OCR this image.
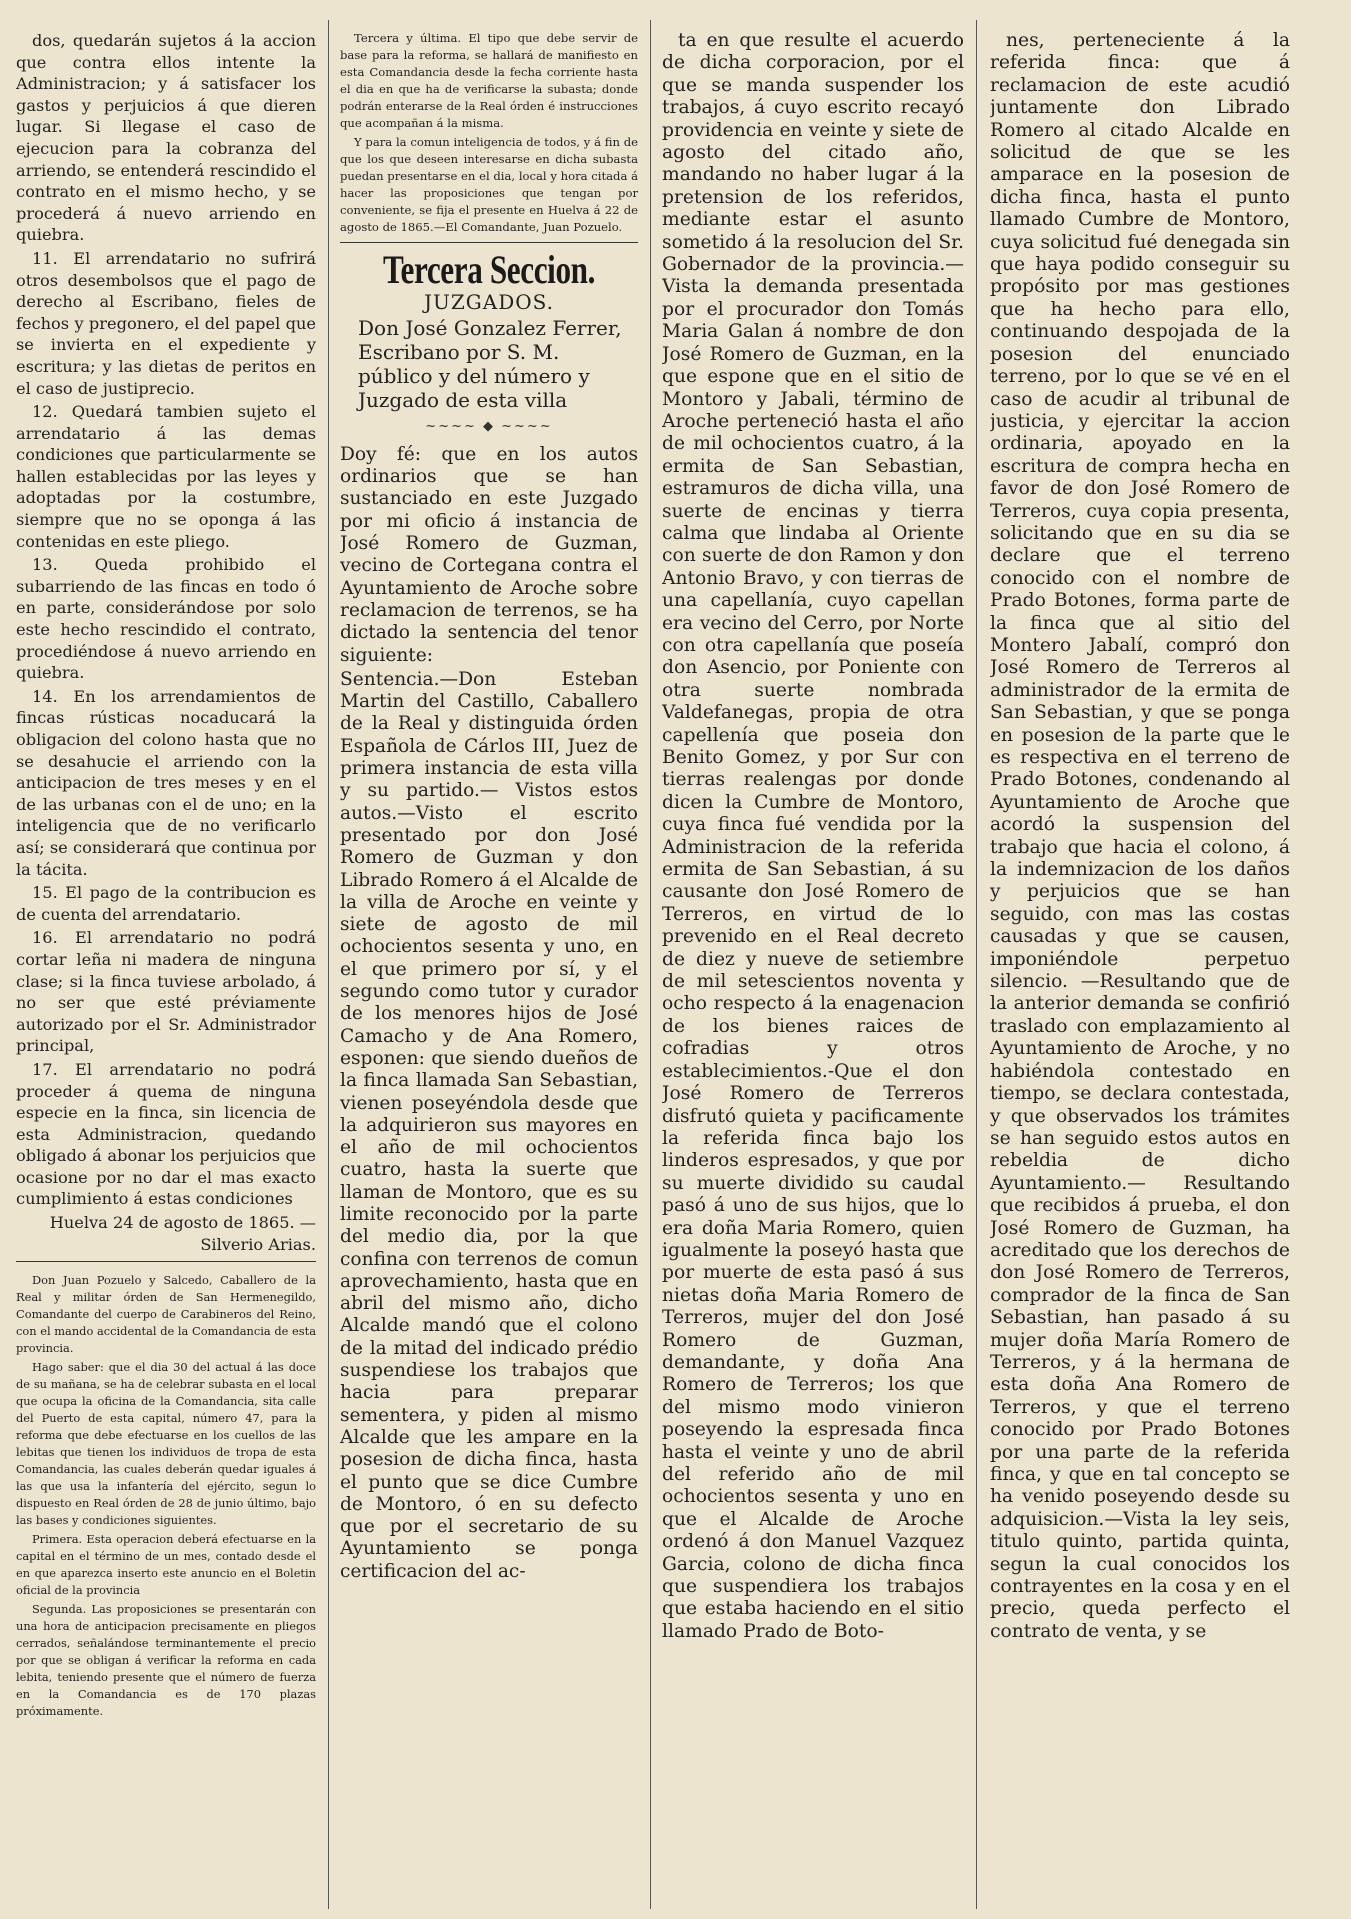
dos, quedarán sujetos á la accion que contra ellos intente la Administracion; y á satisfacer los gastos y perjuicios á que dieren lugar. Si llegase el caso de ejecucion para la cobranza del arriendo, se entenderá rescindido el contrato en el mismo hecho, y se procederá á nuevo arriendo en quiebra.

11. El arrendatario no sufrirá otros desembolsos que el pago de derecho al Escribano, fieles de fechos y pregonero, el del papel que se invierta en el expediente y escritura; y las dietas de peritos en el caso de justiprecio.

12. Quedará tambien sujeto el arrendatario á las demas condiciones que particularmente se hallen establecidas por las leyes y adoptadas por la costumbre, siempre que no se oponga á las contenidas en este pliego.

13. Queda prohibido el subarriendo de las fincas en todo ó en parte, considerándose por solo este hecho rescindido el contrato, procediéndose á nuevo arriendo en quiebra.

14. En los arrendamientos de fincas rústicas nocaducará la obligacion del colono hasta que no se desahucie el arriendo con la anticipacion de tres meses y en el de las urbanas con el de uno; en la inteligencia que de no verificarlo así; se considerará que continua por la tácita.

15. El pago de la contribucion es de cuenta del arrendatario.

16. El arrendatario no podrá cortar leña ni madera de ninguna clase; si la finca tuviese arbolado, á no ser que esté préviamente autorizado por el Sr. Administrador principal,

17. El arrendatario no podrá proceder á quema de ninguna especie en la finca, sin licencia de esta Administracion, quedando obligado á abonar los perjuicios que ocasione por no dar el mas exacto cumplimiento á estas condiciones

Huelva 24 de agosto de 1865. —Silverio Arias.

Don Juan Pozuelo y Salcedo, Caballero de la Real y militar órden de San Hermenegildo, Comandante del cuerpo de Carabineros del Reino, con el mando accidental de la Comandancia de esta provincia.

Hago saber: que el dia 30 del actual á las doce de su mañana, se ha de celebrar subasta en el local que ocupa la oficina de la Comandancia, sita calle del Puerto de esta capital, número 47, para la reforma que debe efectuarse en los cuellos de las lebitas que tienen los individuos de tropa de esta Comandancia, las cuales deberán quedar iguales á las que usa la infantería del ejército, segun lo dispuesto en Real órden de 28 de junio último, bajo las bases y condiciones siguientes.

Primera. Esta operacion deberá efectuarse en la capital en el término de un mes, contado desde el en que aparezca inserto este anuncio en el Boletin oficial de la provincia

Segunda. Las proposiciones se presentarán con una hora de anticipacion precisamente en pliegos cerrados, señalándose terminantemente el precio por que se obligan á verificar la reforma en cada lebita, teniendo presente que el número de fuerza en la Comandancia es de 170 plazas próximamente.

Tercera y última. El tipo que debe servir de base para la reforma, se hallará de manifiesto en esta Comandancia desde la fecha corriente hasta el dia en que ha de verificarse la subasta; donde podrán enterarse de la Real órden é instrucciones que acompañan á la misma.

Y para la comun inteligencia de todos, y á fin de que los que deseen interesarse en dicha subasta puedan presentarse en el dia, local y hora citada á hacer las proposiciones que tengan por conveniente, se fija el presente en Huelva á 22 de agosto de 1865.—El Comandante, Juan Pozuelo.

Tercera Seccion.
JUZGADOS.

Don José Gonzalez Ferrer, Escribano por S. M. público y del número y Juzgado de esta villa

~~~~ ◆ ~~~~

Doy fé: que en los autos ordinarios que se han sustanciado en este Juzgado por mi oficio á instancia de José Romero de Guzman, vecino de Cortegana contra el Ayuntamiento de Aroche sobre reclamacion de terrenos, se ha dictado la sentencia del tenor siguiente:

Sentencia.—Don Esteban Martin del Castillo, Caballero de la Real y distinguida órden Española de Cárlos III, Juez de primera instancia de esta villa y su partido.— Vistos estos autos.—Visto el escrito presentado por don José Romero de Guzman y don Librado Romero á el Alcalde de la villa de Aroche en veinte y siete de agosto de mil ochocientos sesenta y uno, en el que primero por sí, y el segundo como tutor y curador de los menores hijos de José Camacho y de Ana Romero, esponen: que siendo dueños de la finca llamada San Sebastian, vienen poseyéndola desde que la adquirieron sus mayores en el año de mil ochocientos cuatro, hasta la suerte que llaman de Montoro, que es su limite reconocido por la parte del medio dia, por la que confina con terrenos de comun aprovechamiento, hasta que en abril del mismo año, dicho Alcalde mandó que el colono de la mitad del indicado prédio suspendiese los trabajos que hacia para preparar sementera, y piden al mismo Alcalde que les ampare en la posesion de dicha finca, hasta el punto que se dice Cumbre de Montoro, ó en su defecto que por el secretario de su Ayuntamiento se ponga certificacion del ac-

ta en que resulte el acuerdo de dicha corporacion, por el que se manda suspender los trabajos, á cuyo escrito recayó providencia en veinte y siete de agosto del citado año, mandando no haber lugar á la pretension de los referidos, mediante estar el asunto sometido á la resolucion del Sr. Gobernador de la provincia.—Vista la demanda presentada por el procurador don Tomás Maria Galan á nombre de don José Romero de Guzman, en la que espone que en el sitio de Montoro y Jabali, término de Aroche perteneció hasta el año de mil ochocientos cuatro, á la ermita de San Sebastian, estramuros de dicha villa, una suerte de encinas y tierra calma que lindaba al Oriente con suerte de don Ramon y don Antonio Bravo, y con tierras de una capellanía, cuyo capellan era vecino del Cerro, por Norte con otra capellanía que poseía don Asencio, por Poniente con otra suerte nombrada Valdefanegas, propia de otra capellenía que poseia don Benito Gomez, y por Sur con tierras realengas por donde dicen la Cumbre de Montoro, cuya finca fué vendida por la Administracion de la referida ermita de San Sebastian, á su causante don José Romero de Terreros, en virtud de lo prevenido en el Real decreto de diez y nueve de setiembre de mil setescientos noventa y ocho respecto á la enagenacion de los bienes raices de cofradias y otros establecimientos.-Que el don José Romero de Terreros disfrutó quieta y pacificamente la referida finca bajo los linderos espresados, y que por su muerte dividido su caudal pasó á uno de sus hijos, que lo era doña Maria Romero, quien igualmente la poseyó hasta que por muerte de esta pasó á sus nietas doña Maria Romero de Terreros, mujer del don José Romero de Guzman, demandante, y doña Ana Romero de Terreros; los que del mismo modo vinieron poseyendo la espresada finca hasta el veinte y uno de abril del referido año de mil ochocientos sesenta y uno en que el Alcalde de Aroche ordenó á don Manuel Vazquez Garcia, colono de dicha finca que suspendiera los trabajos que estaba haciendo en el sitio llamado Prado de Boto-

nes, perteneciente á la referida finca: que á reclamacion de este acudió juntamente don Librado Romero al citado Alcalde en solicitud de que se les amparace en la posesion de dicha finca, hasta el punto llamado Cumbre de Montoro, cuya solicitud fué denegada sin que haya podido conseguir su propósito por mas gestiones que ha hecho para ello, continuando despojada de la posesion del enunciado terreno, por lo que se vé en el caso de acudir al tribunal de justicia, y ejercitar la accion ordinaria, apoyado en la escritura de compra hecha en favor de don José Romero de Terreros, cuya copia presenta, solicitando que en su dia se declare que el terreno conocido con el nombre de Prado Botones, forma parte de la finca que al sitio del Montero Jabalí, compró don José Romero de Terreros al administrador de la ermita de San Sebastian, y que se ponga en posesion de la parte que le es respectiva en el terreno de Prado Botones, condenando al Ayuntamiento de Aroche que acordó la suspension del trabajo que hacia el colono, á la indemnizacion de los daños y perjuicios que se han seguido, con mas las costas causadas y que se causen, imponiéndole perpetuo silencio. —Resultando que de la anterior demanda se confirió traslado con emplazamiento al Ayuntamiento de Aroche, y no habiéndola contestado en tiempo, se declara contestada, y que observados los trámites se han seguido estos autos en rebeldia de dicho Ayuntamiento.— Resultando que recibidos á prueba, el don José Romero de Guzman, ha acreditado que los derechos de don José Romero de Terreros, comprador de la finca de San Sebastian, han pasado á su mujer doña María Romero de Terreros, y á la hermana de esta doña Ana Romero de Terreros, y que el terreno conocido por Prado Botones por una parte de la referida finca, y que en tal concepto se ha venido poseyendo desde su adquisicion.—Vista la ley seis, titulo quinto, partida quinta, segun la cual conocidos los contrayentes en la cosa y en el precio, queda perfecto el contrato de venta, y se
